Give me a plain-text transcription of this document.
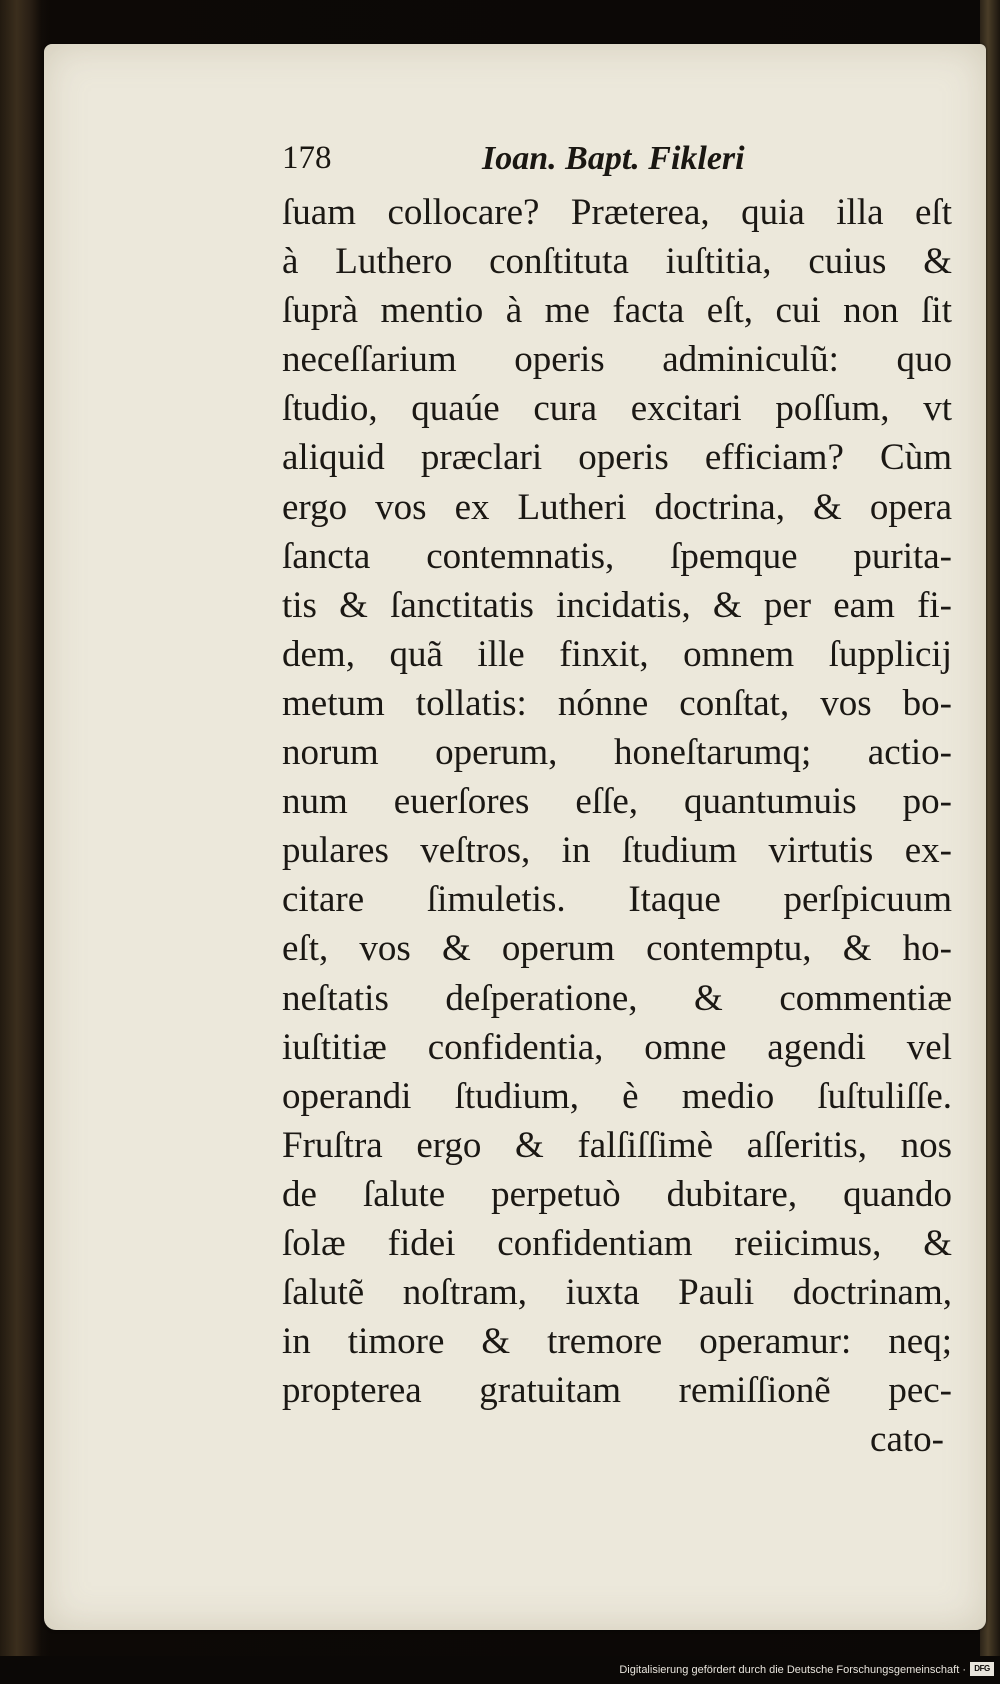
178	Ioan. Bapt. Fikleri
ſuam collocare? Præterea, quia illa eſt
à Luthero conſtituta iuſtitia, cuius &
ſuprà mentio à me facta eſt, cui non ſit
neceſſarium operis adminiculũ: quo
ſtudio, quaúe cura excitari poſſum, vt
aliquid præclari operis efficiam? Cùm
ergo vos ex Lutheri doctrina, & opera
ſancta contemnatis, ſpemque purita-
tis & ſanctitatis incidatis, & per eam fi-
dem, quã ille finxit, omnem ſupplicij
metum tollatis: nónne conſtat, vos bo-
norum operum, honeſtarumq; actio-
num euerſores eſſe, quantumuis po-
pulares veſtros, in ſtudium virtutis ex-
citare ſimuletis. Itaque perſpicuum
eſt, vos & operum contemptu, & ho-
neſtatis deſperatione, & commentiæ
iuſtitiæ confidentia, omne agendi vel
operandi ſtudium, è medio ſuſtuliſſe.
Fruſtra ergo & falſiſſimè aſſeritis, nos
de ſalute perpetuò dubitare, quando
ſolæ fidei confidentiam reiicimus, &
ſalutẽ noſtram, iuxta Pauli doctrinam,
in timore & tremore operamur: neq;
propterea gratuitam remiſſionẽ pec-
cato-
Digitalisierung gefördert durch die Deutsche Forschungsgemeinschaft ·	DFG
